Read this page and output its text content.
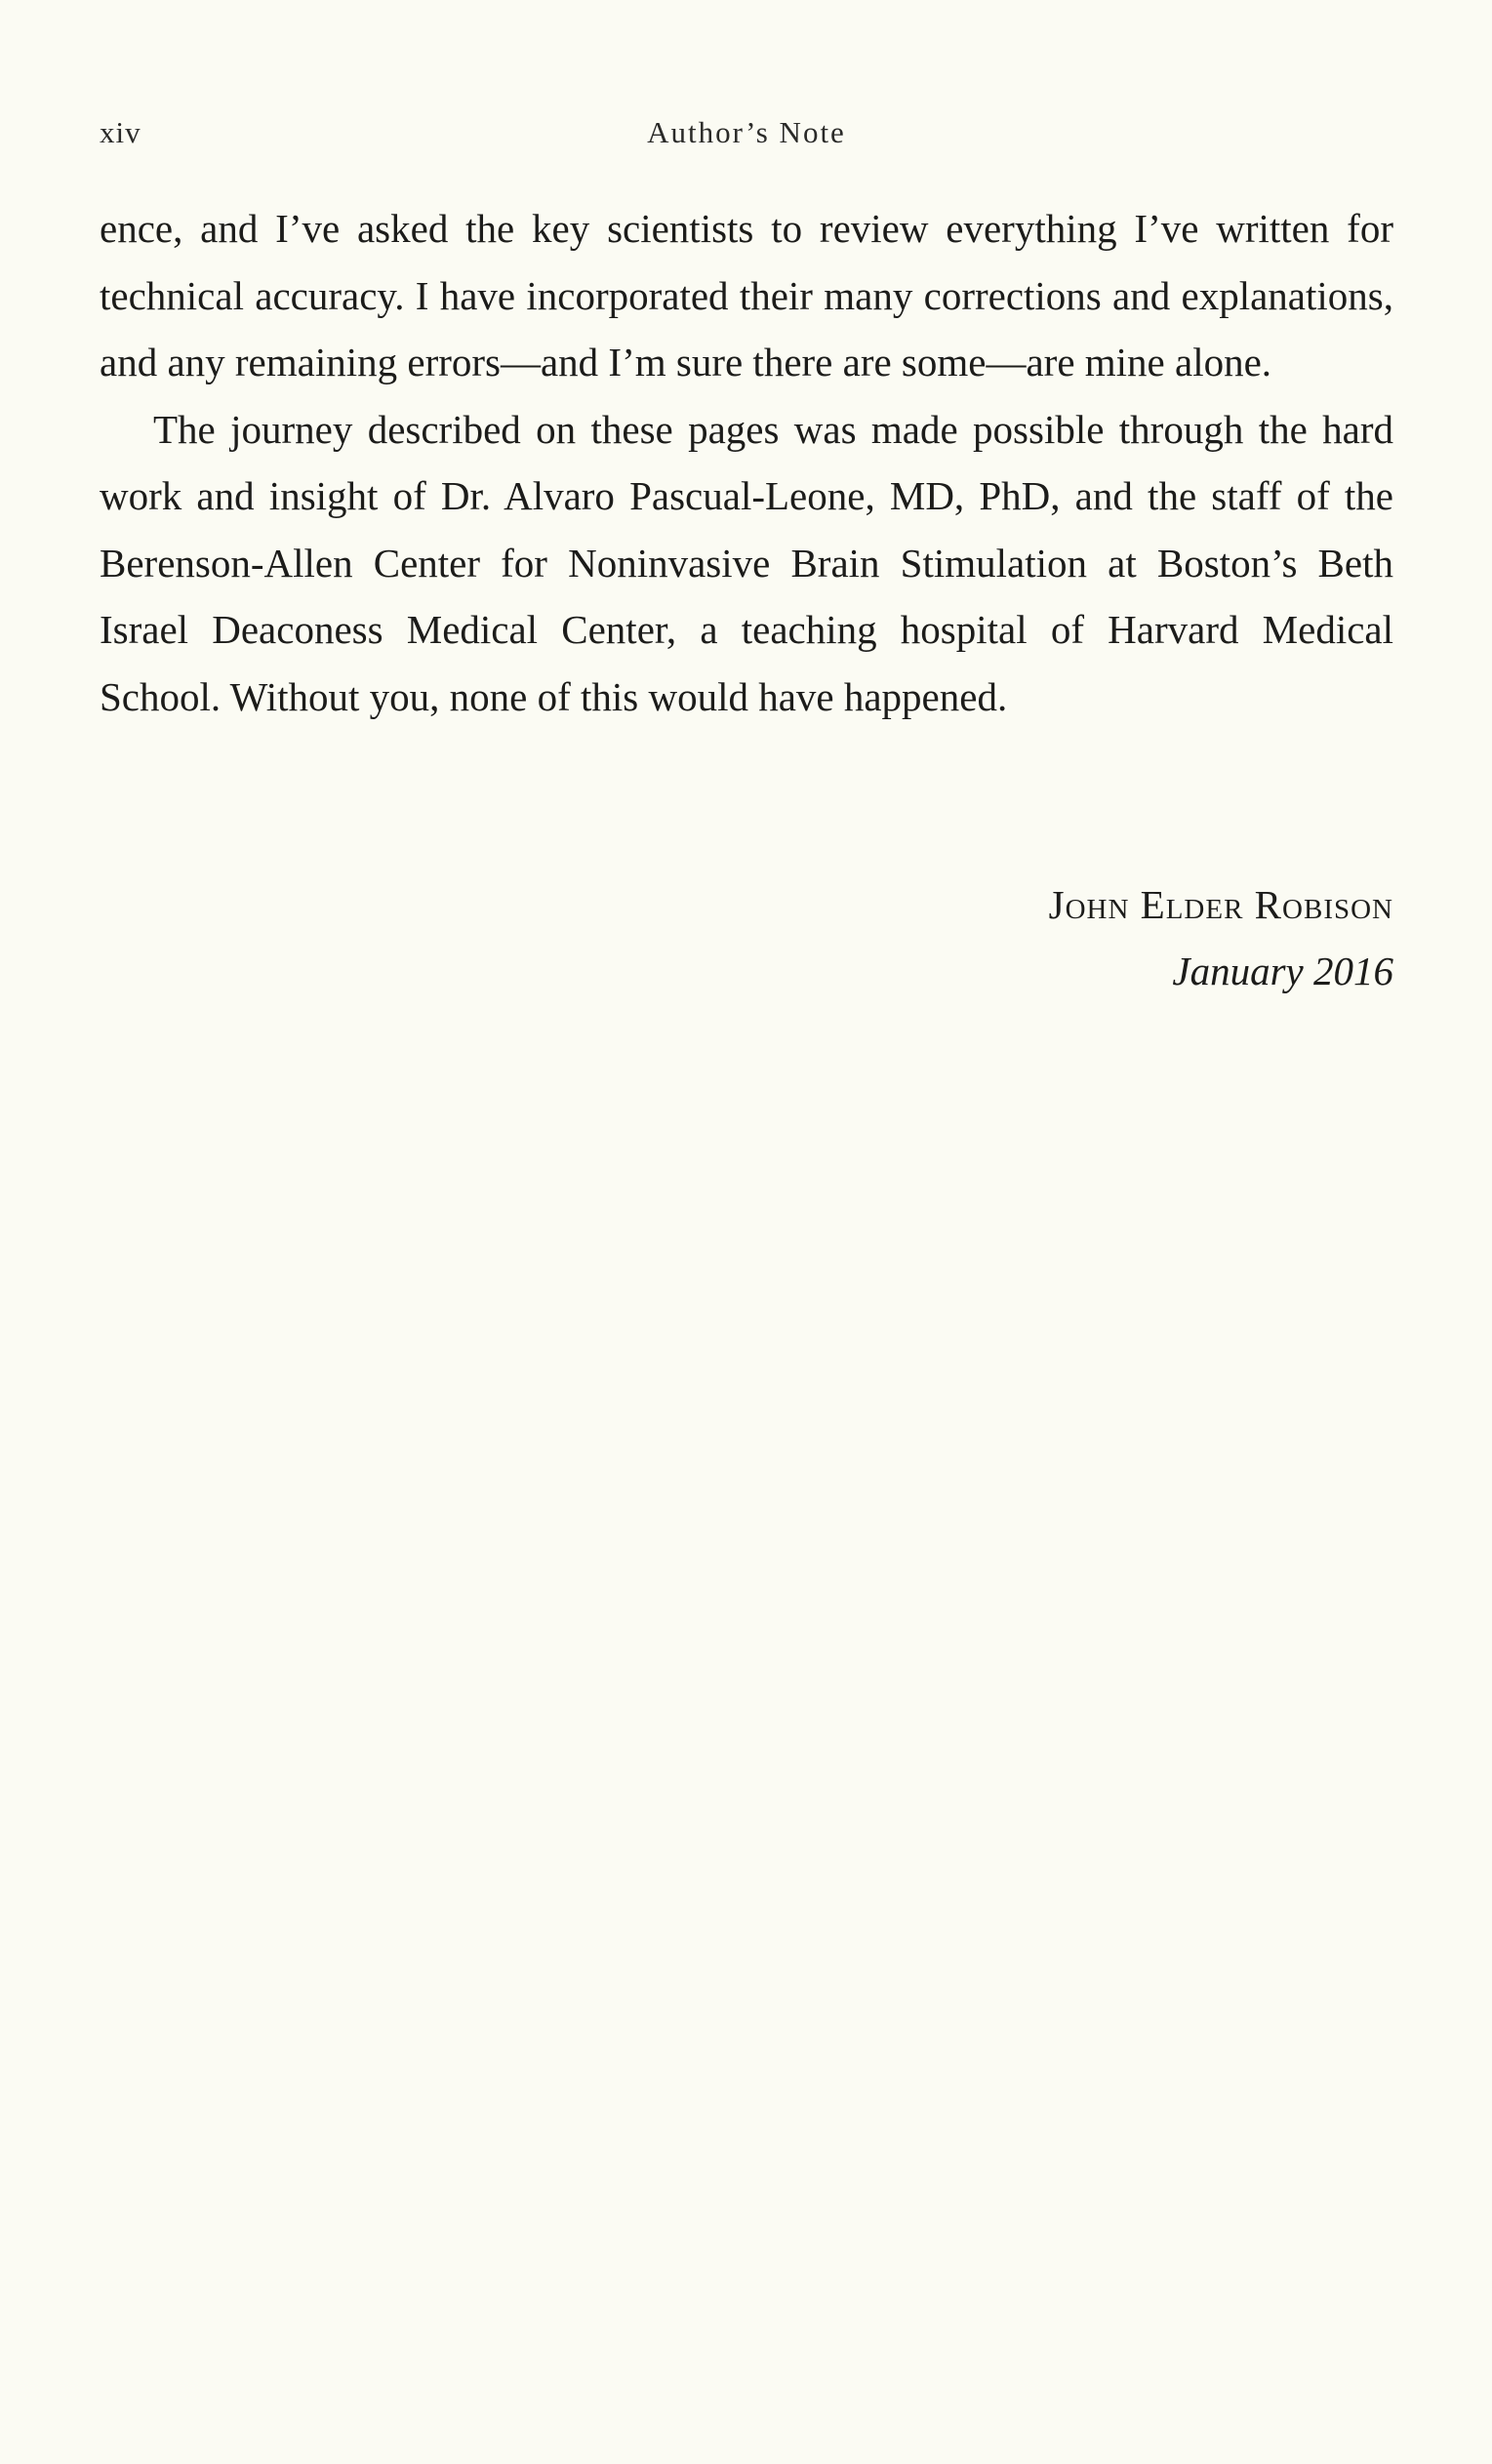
xiv	Author’s Note

ence, and I’ve asked the key scientists to review everything I’ve written for technical accuracy. I have incorporated their many corrections and explanations, and any remaining errors—and I’m sure there are some—are mine alone.

The journey described on these pages was made possible through the hard work and insight of Dr. Alvaro Pascual-Leone, MD, PhD, and the staff of the Berenson-Allen Center for Noninvasive Brain Stimulation at Boston’s Beth Israel Deaconess Medical Center, a teaching hospital of Harvard Medical School. Without you, none of this would have happened.

John Elder Robison
January 2016
